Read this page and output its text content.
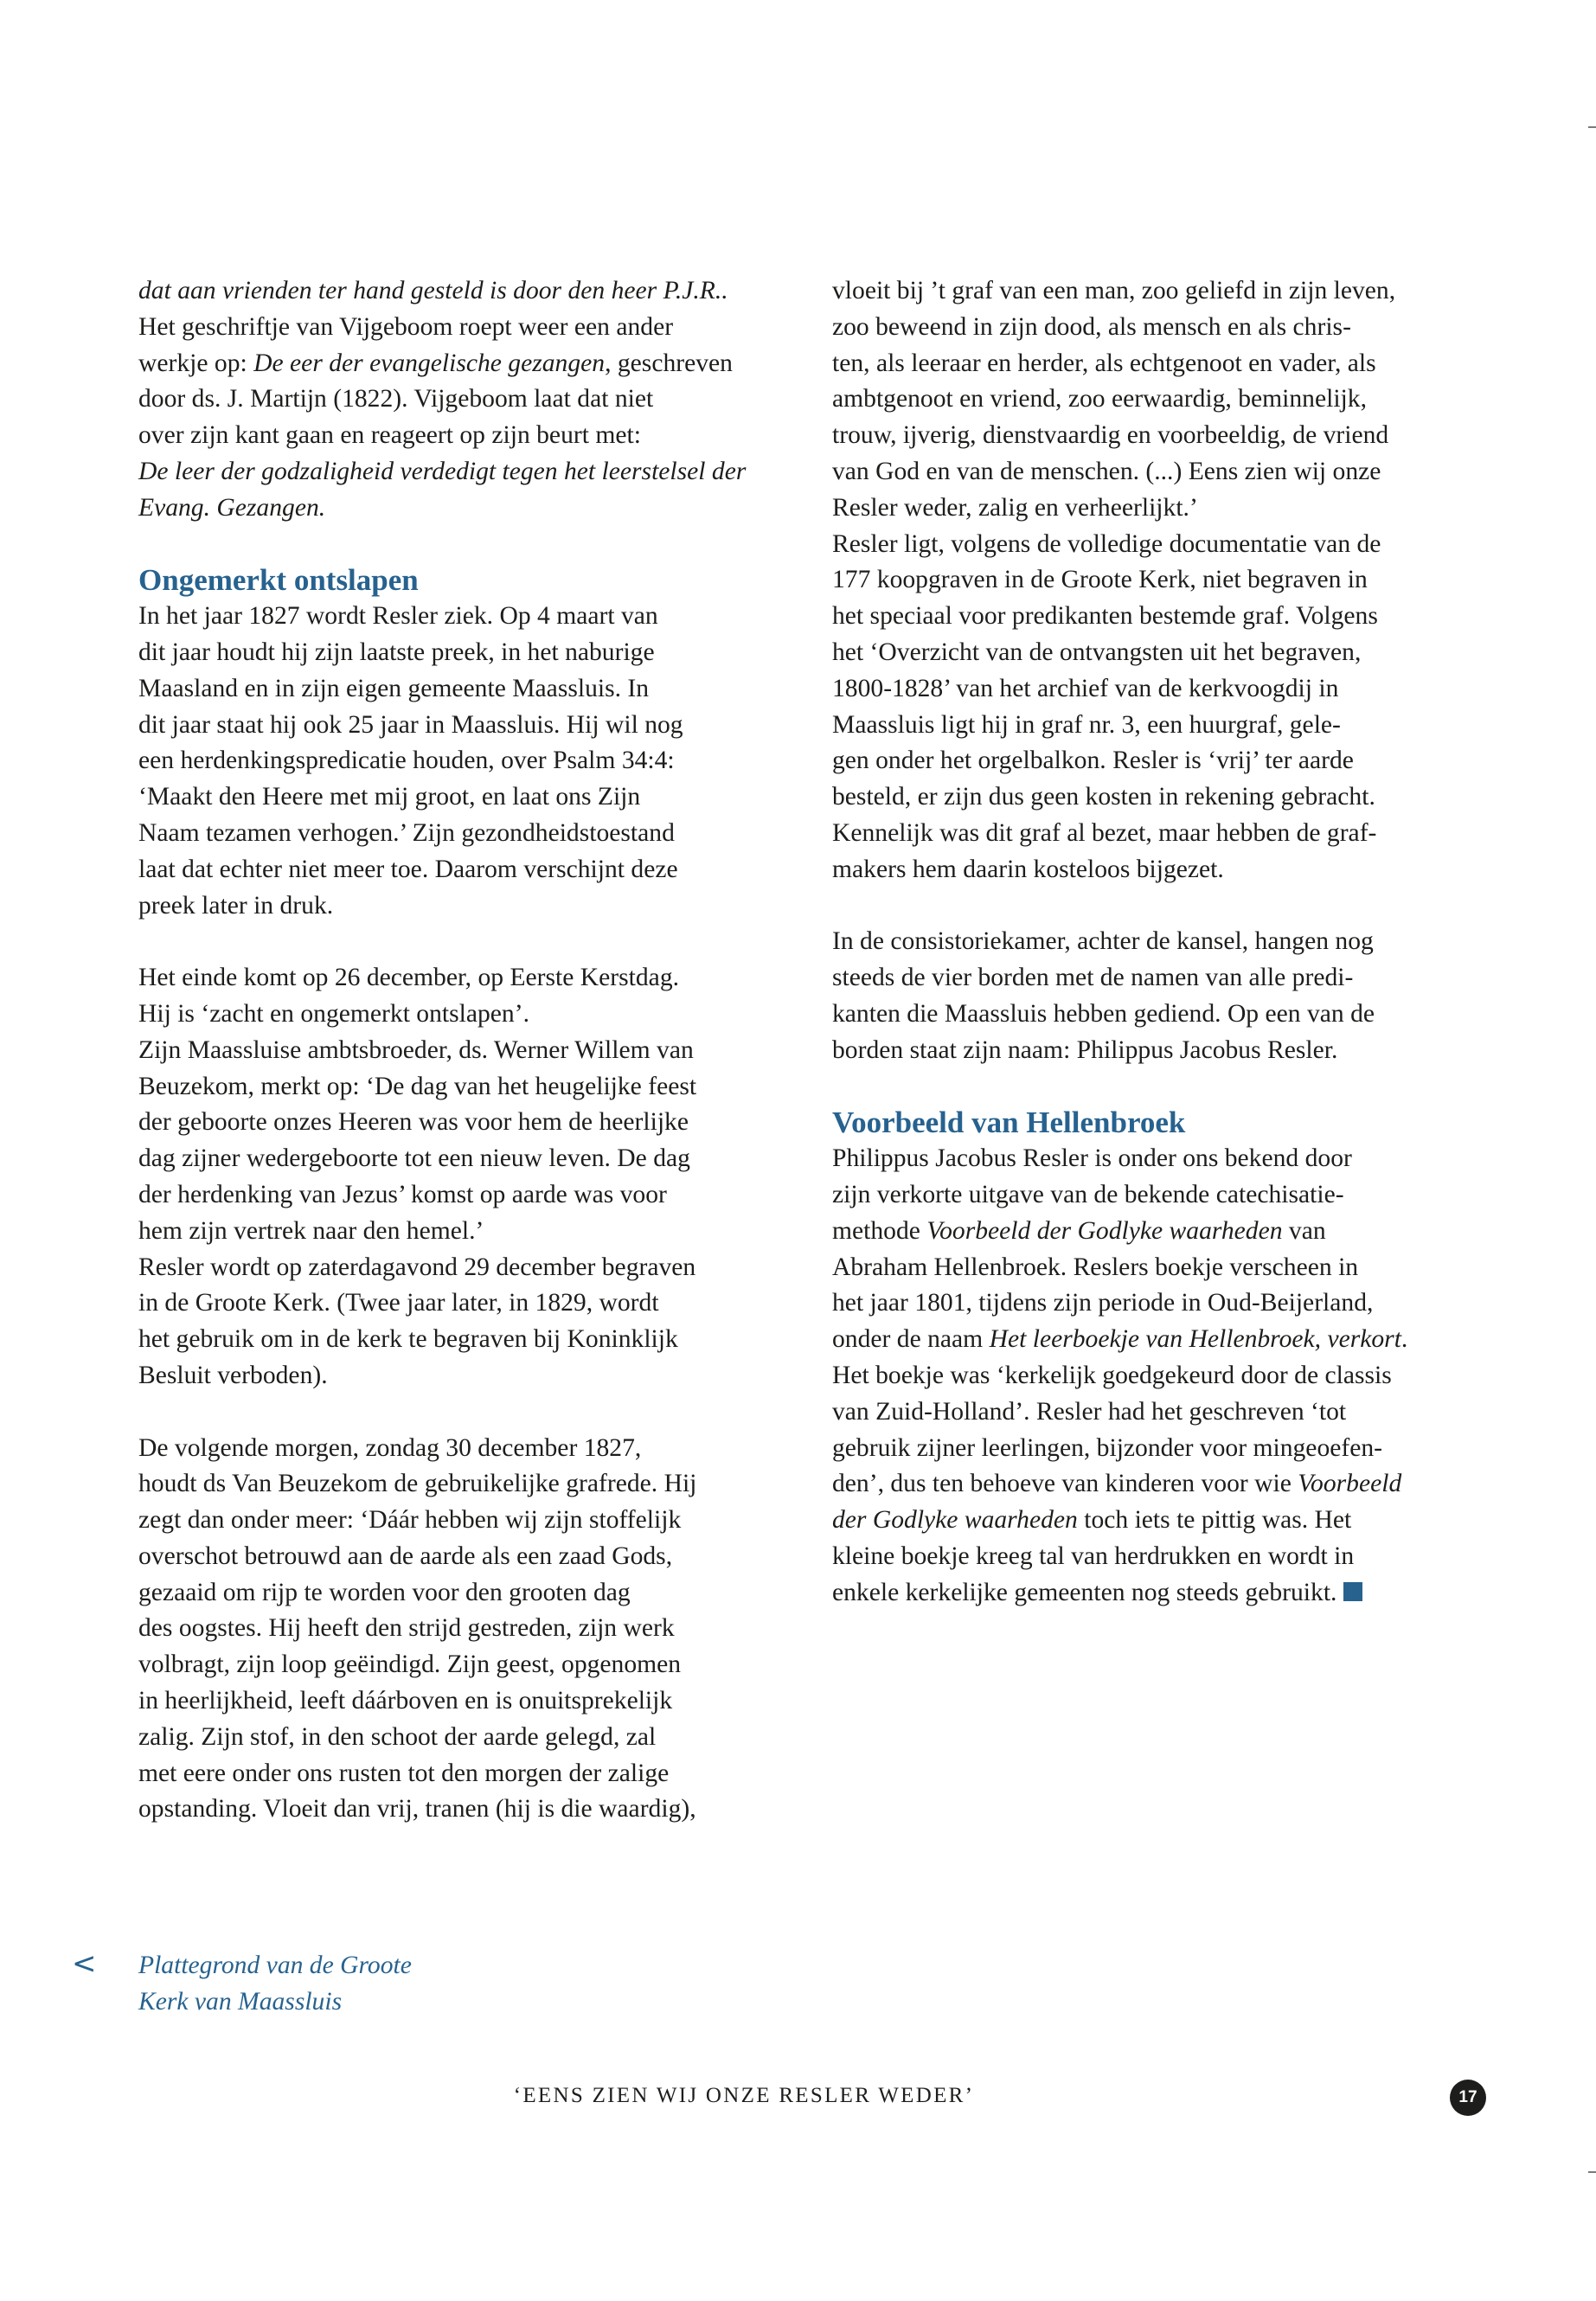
dat aan vrienden ter hand gesteld is door den heer P.J.R..
Het geschriftje van Vijgeboom roept weer een ander
werkje op: De eer der evangelische gezangen, geschreven
door ds. J. Martijn (1822). Vijgeboom laat dat niet
over zijn kant gaan en reageert op zijn beurt met:
De leer der godzaligheid verdedigt tegen het leerstelsel der
Evang. Gezangen.

Ongemerkt ontslapen

In het jaar 1827 wordt Resler ziek. Op 4 maart van
dit jaar houdt hij zijn laatste preek, in het naburige
Maasland en in zijn eigen gemeente Maassluis. In
dit jaar staat hij ook 25 jaar in Maassluis. Hij wil nog
een herdenkingspredicatie houden, over Psalm 34:4:
‘Maakt den Heere met mij groot, en laat ons Zijn
Naam tezamen verhogen.’ Zijn gezondheidstoestand
laat dat echter niet meer toe. Daarom verschijnt deze
preek later in druk.

Het einde komt op 26 december, op Eerste Kerstdag.
Hij is ‘zacht en ongemerkt ontslapen’.
Zijn Maassluise ambtsbroeder, ds. Werner Willem van
Beuzekom, merkt op: ‘De dag van het heugelijke feest
der geboorte onzes Heeren was voor hem de heerlijke
dag zijner wedergeboorte tot een nieuw leven. De dag
der herdenking van Jezus’ komst op aarde was voor
hem zijn vertrek naar den hemel.’
Resler wordt op zaterdagavond 29 december begraven
in de Groote Kerk. (Twee jaar later, in 1829, wordt
het gebruik om in de kerk te begraven bij Koninklijk
Besluit verboden).

De volgende morgen, zondag 30 december 1827,
houdt ds Van Beuzekom de gebruikelijke grafrede. Hij
zegt dan onder meer: ‘Dáár hebben wij zijn stoffelijk
overschot betrouwd aan de aarde als een zaad Gods,
gezaaid om rijp te worden voor den grooten dag
des oogstes. Hij heeft den strijd gestreden, zijn werk
volbragt, zijn loop geëindigd. Zijn geest, opgenomen
in heerlijkheid, leeft dáárboven en is onuitsprekelijk
zalig. Zijn stof, in den schoot der aarde gelegd, zal
met eere onder ons rusten tot den morgen der zalige
opstanding. Vloeit dan vrij, tranen (hij is die waardig),

vloeit bij ’t graf van een man, zoo geliefd in zijn leven,
zoo beweend in zijn dood, als mensch en als chris-
ten, als leeraar en herder, als echtgenoot en vader, als
ambtgenoot en vriend, zoo eerwaardig, beminnelijk,
trouw, ijverig, dienstvaardig en voorbeeldig, de vriend
van God en van de menschen. (...) Eens zien wij onze
Resler weder, zalig en verheerlijkt.’
Resler ligt, volgens de volledige documentatie van de
177 koopgraven in de Groote Kerk, niet begraven in
het speciaal voor predikanten bestemde graf. Volgens
het ‘Overzicht van de ontvangsten uit het begraven,
1800-1828’ van het archief van de kerkvoogdij in
Maassluis ligt hij in graf nr. 3, een huurgraf, gele-
gen onder het orgelbalkon. Resler is ‘vrij’ ter aarde
besteld, er zijn dus geen kosten in rekening gebracht.
Kennelijk was dit graf al bezet, maar hebben de graf-
makers hem daarin kosteloos bijgezet.

In de consistoriekamer, achter de kansel, hangen nog
steeds de vier borden met de namen van alle predi-
kanten die Maassluis hebben gediend. Op een van de
borden staat zijn naam: Philippus Jacobus Resler.

Voorbeeld van Hellenbroek

Philippus Jacobus Resler is onder ons bekend door
zijn verkorte uitgave van de bekende catechisatie-
methode Voorbeeld der Godlyke waarheden van
Abraham Hellenbroek. Reslers boekje verscheen in
het jaar 1801, tijdens zijn periode in Oud-Beijerland,
onder de naam Het leerboekje van Hellenbroek, verkort.
Het boekje was ‘kerkelijk goedgekeurd door de classis
van Zuid-Holland’. Resler had het geschreven ‘tot
gebruik zijner leerlingen, bijzonder voor mingeoefen-
den’, dus ten behoeve van kinderen voor wie Voorbeeld
der Godlyke waarheden toch iets te pittig was. Het
kleine boekje kreeg tal van herdrukken en wordt in
enkele kerkelijke gemeenten nog steeds gebruikt.

< Plattegrond van de Groote
Kerk van Maassluis

‘EENS ZIEN WIJ ONZE RESLER WEDER’	17
